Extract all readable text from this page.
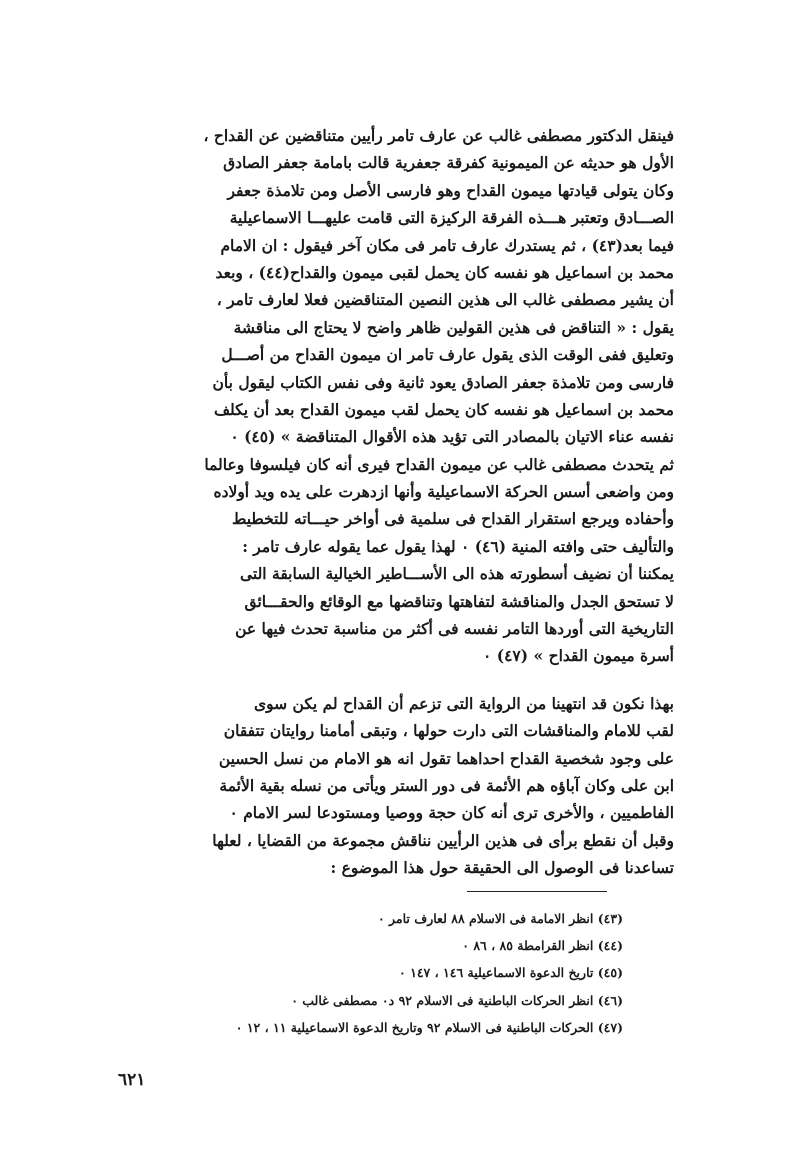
فينقل الدكتور مصطفى غالب عن عارف تامر رأيين متناقضين عن القداح ،
الأول هو حديثه عن الميمونية كفرقة جعفرية قالت بامامة جعفر الصادق
وكان يتولى قيادتها ميمون القداح وهو فارسى الأصل ومن تلامذة جعفر
الصـــادق وتعتبر هـــذه الفرقة الركيزة التى قامت عليهـــا الاسماعيلية
فيما بعد(٤٣) ، ثم يستدرك عارف تامر فى مكان آخر فيقول : ان الامام
محمد بن اسماعيل هو نفسه كان يحمل لقبى ميمون والقداح(٤٤) ، وبعد
أن يشير مصطفى غالب الى هذين النصين المتناقضين فعلا لعارف تامر ،
يقول : « التناقض فى هذين القولين ظاهر واضح لا يحتاج الى مناقشة
وتعليق ففى الوقت الذى يقول عارف تامر ان ميمون القداح من أصـــل
فارسى ومن تلامذة جعفر الصادق يعود ثانية وفى نفس الكتاب ليقول بأن
محمد بن اسماعيل هو نفسه كان يحمل لقب ميمون القداح بعد أن يكلف
نفسه عناء الاتيان بالمصادر التى تؤيد هذه الأقوال المتناقضة » (٤٥) ٠
ثم يتحدث مصطفى غالب عن ميمون القداح فيرى أنه كان فيلسوفا وعالما
ومن واضعى أسس الحركة الاسماعيلية وأنها ازدهرت على يده ويد أولاده
وأحفاده ويرجع استقرار القداح فى سلمية فى أواخر حيـــاته للتخطيط
والتأليف حتى وافته المنية (٤٦) ٠ لهذا يقول عما يقوله عارف تامر :
يمكننا أن نضيف أسطورته هذه الى الأســـاطير الخيالية السابقة التى
لا تستحق الجدل والمناقشة لتفاهتها وتناقضها مع الوقائع والحقـــائق
التاريخية التى أوردها التامر نفسه فى أكثر من مناسبة تحدث فيها عن
أسرة ميمون القداح » (٤٧) ٠
بهذا نكون قد انتهينا من الرواية التى تزعم أن القداح لم يكن سوى
لقب للامام والمناقشات التى دارت حولها ، وتبقى أمامنا روايتان تتفقان
على وجود شخصية القداح احداهما تقول انه هو الامام من نسل الحسين
ابن على وكان آباؤه هم الأئمة فى دور الستر ويأتى من نسله بقية الأئمة
الفاطميين ، والأخرى ترى أنه كان حجة ووصيا ومستودعا لسر الامام ٠
وقبل أن نقطع برأى فى هذين الرأيين نناقش مجموعة من القضايا ، لعلها
تساعدنا فى الوصول الى الحقيقة حول هذا الموضوع :
(٤٣) انظر الامامة فى الاسلام ٨٨ لعارف تامر ٠
(٤٤) انظر القرامطة ٨٥ ، ٨٦ ٠
(٤٥) تاريخ الدعوة الاسماعيلية ١٤٦ ، ١٤٧ ٠
(٤٦) انظر الحركات الباطنية فى الاسلام ٩٢ د٠ مصطفى غالب ٠
(٤٧) الحركات الباطنية فى الاسلام ٩٢ وتاريخ الدعوة الاسماعيلية ١١ ، ١٢ ٠
٦٢١
